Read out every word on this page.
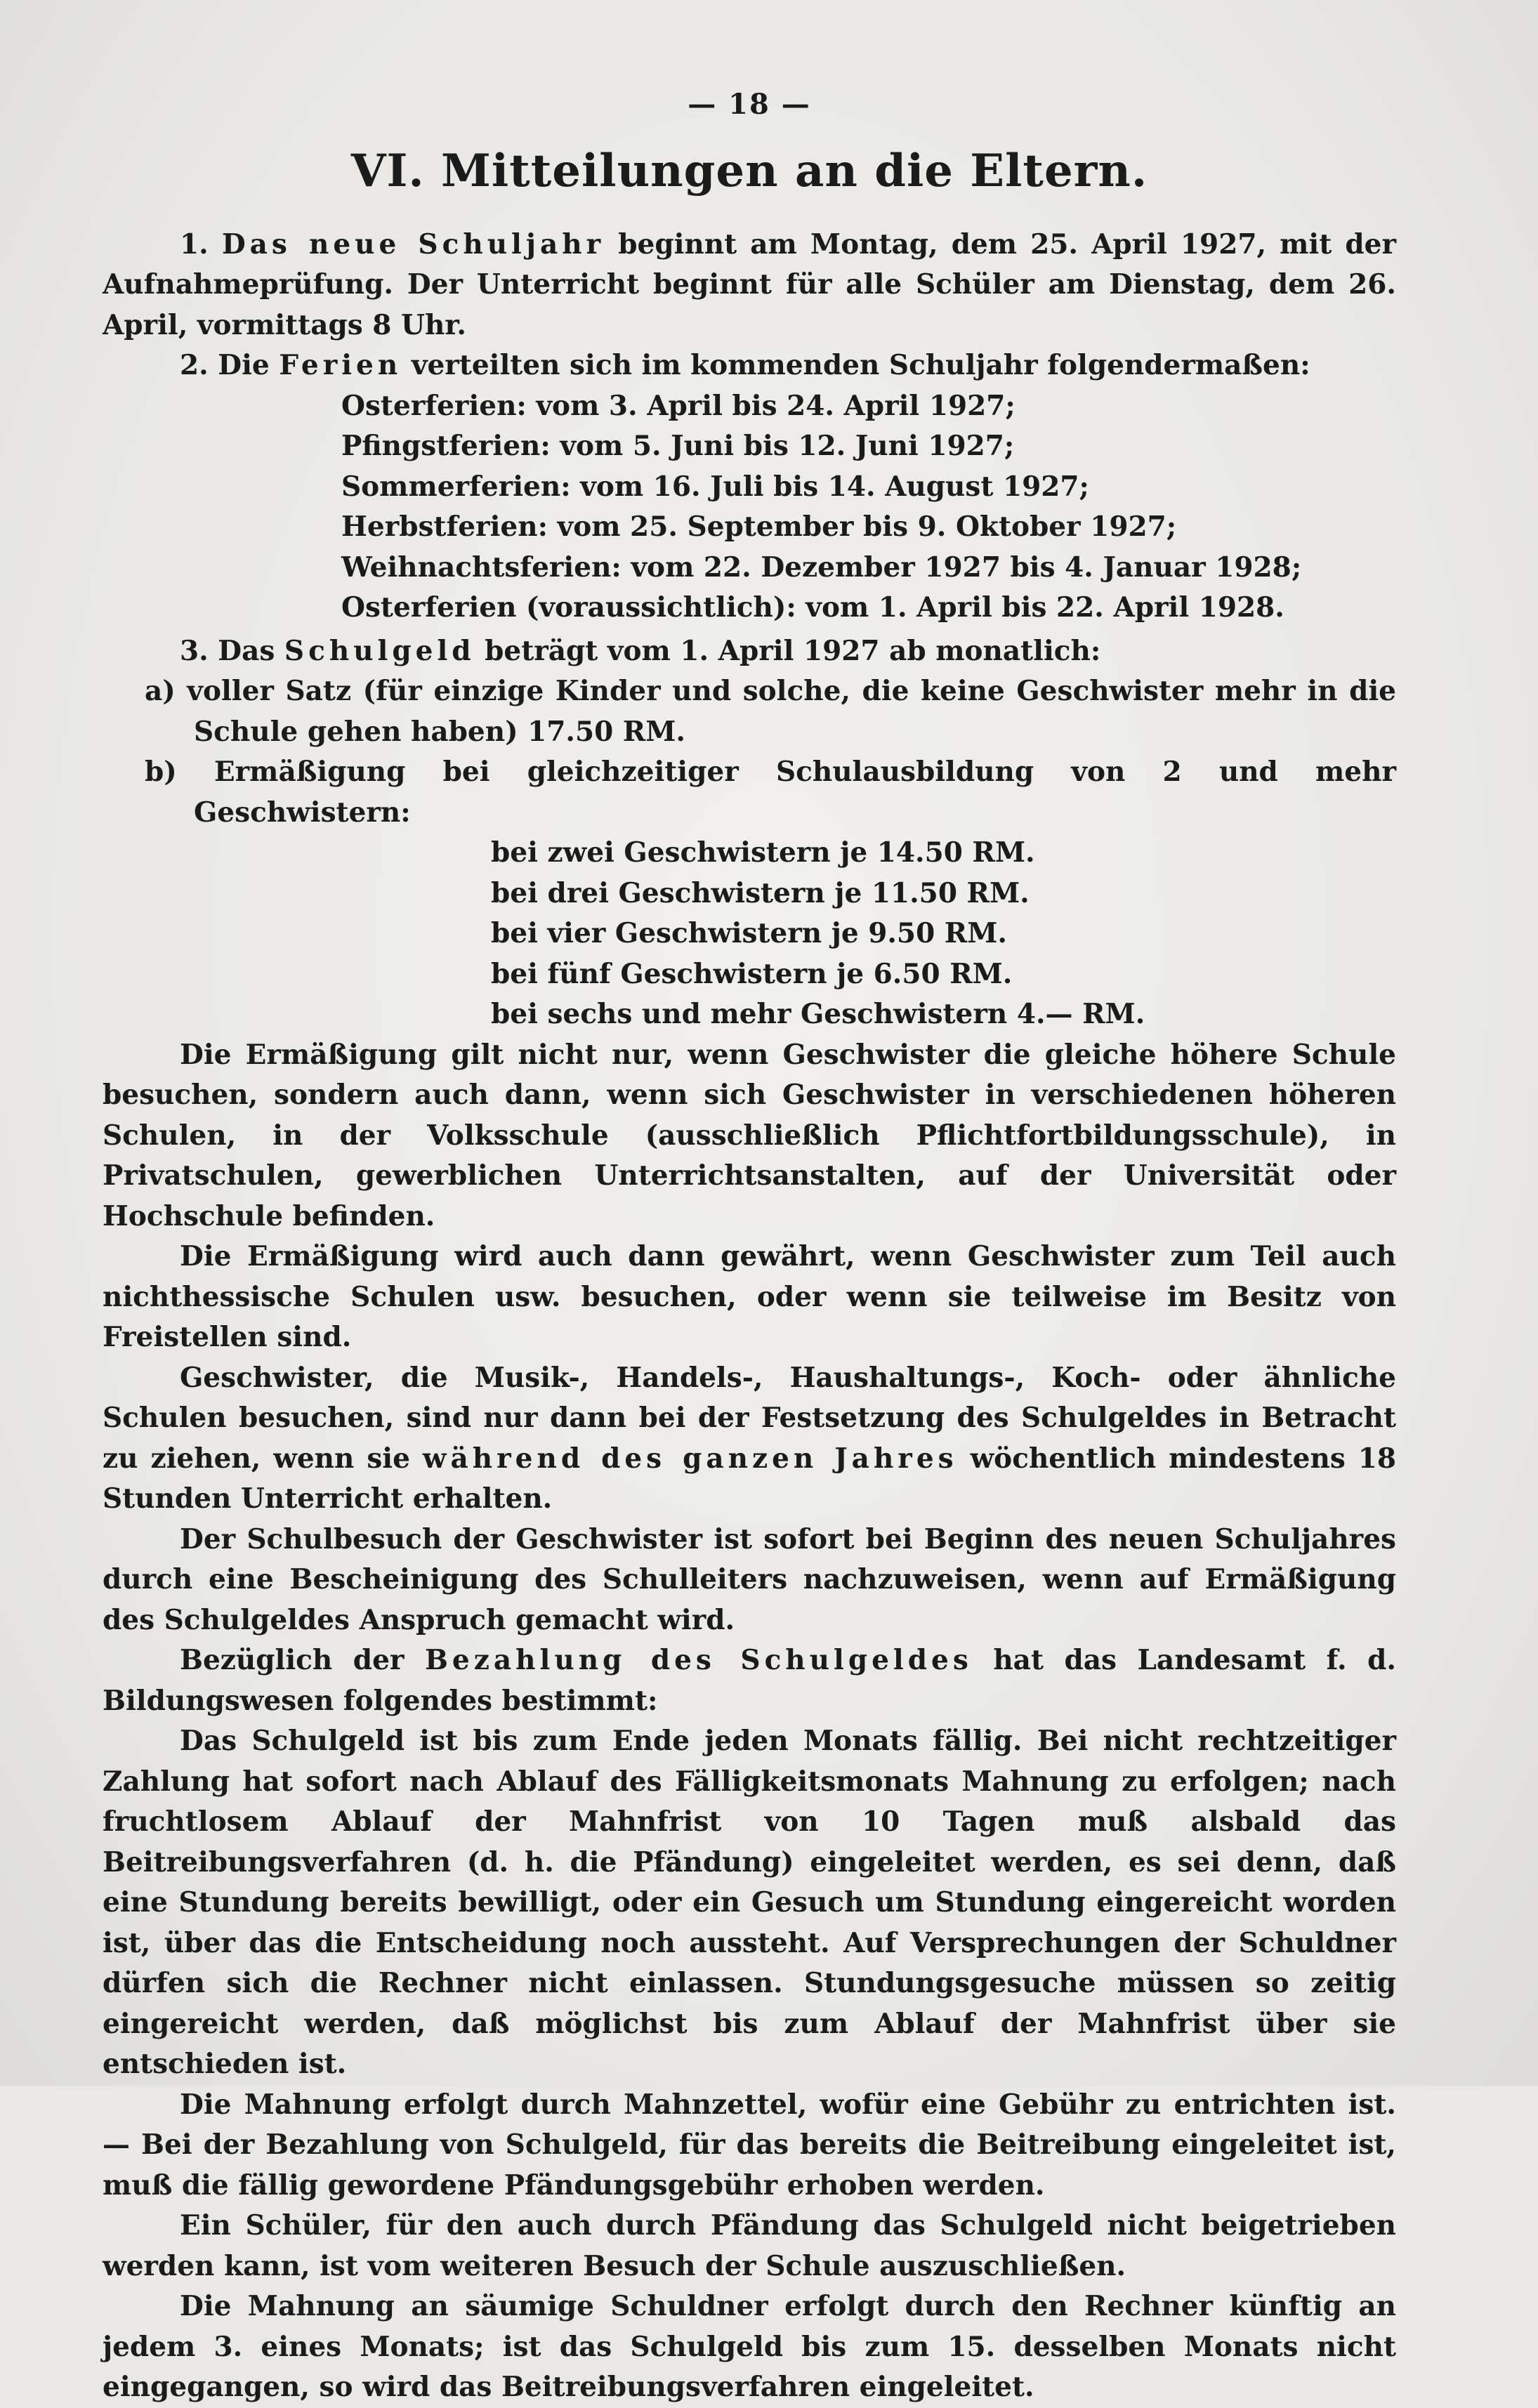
— 18 —
VI. Mitteilungen an die Eltern.

1. Das neue Schuljahr beginnt am Montag, dem 25. April 1927, mit der Aufnahmeprüfung. Der Unterricht beginnt für alle Schüler am Dienstag, dem 26. April, vormittags 8 Uhr.

2. Die Ferien verteilten sich im kommenden Schuljahr folgendermaßen:

Osterferien: vom 3. April bis 24. April 1927;
Pfingstferien: vom 5. Juni bis 12. Juni 1927;
Sommerferien: vom 16. Juli bis 14. August 1927;
Herbstferien: vom 25. September bis 9. Oktober 1927;
Weihnachtsferien: vom 22. Dezember 1927 bis 4. Januar 1928;
Osterferien (voraussichtlich): vom 1. April bis 22. April 1928.

3. Das Schulgeld beträgt vom 1. April 1927 ab monatlich:

a) voller Satz (für einzige Kinder und solche, die keine Geschwister mehr in die Schule gehen haben) 17.50 RM.

b) Ermäßigung bei gleichzeitiger Schulausbildung von 2 und mehr Geschwistern:

bei zwei Geschwistern je 14.50 RM.
bei drei Geschwistern je 11.50 RM.
bei vier Geschwistern je 9.50 RM.
bei fünf Geschwistern je 6.50 RM.
bei sechs und mehr Geschwistern 4.— RM.

Die Ermäßigung gilt nicht nur, wenn Geschwister die gleiche höhere Schule besuchen, sondern auch dann, wenn sich Geschwister in verschiedenen höheren Schulen, in der Volksschule (ausschließlich Pflichtfortbildungsschule), in Privatschulen, gewerblichen Unterrichtsanstalten, auf der Universität oder Hochschule befinden.

Die Ermäßigung wird auch dann gewährt, wenn Geschwister zum Teil auch nichthessische Schulen usw. besuchen, oder wenn sie teilweise im Besitz von Freistellen sind.

Geschwister, die Musik-, Handels-, Haushaltungs-, Koch- oder ähnliche Schulen besuchen, sind nur dann bei der Festsetzung des Schulgeldes in Betracht zu ziehen, wenn sie während des ganzen Jahres wöchentlich mindestens 18 Stunden Unterricht erhalten.

Der Schulbesuch der Geschwister ist sofort bei Beginn des neuen Schuljahres durch eine Bescheinigung des Schulleiters nachzuweisen, wenn auf Ermäßigung des Schulgeldes Anspruch gemacht wird.

Bezüglich der Bezahlung des Schulgeldes hat das Landesamt f. d. Bildungswesen folgendes bestimmt:

Das Schulgeld ist bis zum Ende jeden Monats fällig. Bei nicht rechtzeitiger Zahlung hat sofort nach Ablauf des Fälligkeitsmonats Mahnung zu erfolgen; nach fruchtlosem Ablauf der Mahnfrist von 10 Tagen muß alsbald das Beitreibungsverfahren (d. h. die Pfändung) eingeleitet werden, es sei denn, daß eine Stundung bereits bewilligt, oder ein Gesuch um Stundung eingereicht worden ist, über das die Entscheidung noch aussteht. Auf Versprechungen der Schuldner dürfen sich die Rechner nicht einlassen. Stundungsgesuche müssen so zeitig eingereicht werden, daß möglichst bis zum Ablauf der Mahnfrist über sie entschieden ist.

Die Mahnung erfolgt durch Mahnzettel, wofür eine Gebühr zu entrichten ist. — Bei der Bezahlung von Schulgeld, für das bereits die Beitreibung eingeleitet ist, muß die fällig gewordene Pfändungsgebühr erhoben werden.

Ein Schüler, für den auch durch Pfändung das Schulgeld nicht beigetrieben werden kann, ist vom weiteren Besuch der Schule auszuschließen.

Die Mahnung an säumige Schuldner erfolgt durch den Rechner künftig an jedem 3. eines Monats; ist das Schulgeld bis zum 15. desselben Monats nicht eingegangen, so wird das Beitreibungsverfahren eingeleitet.
